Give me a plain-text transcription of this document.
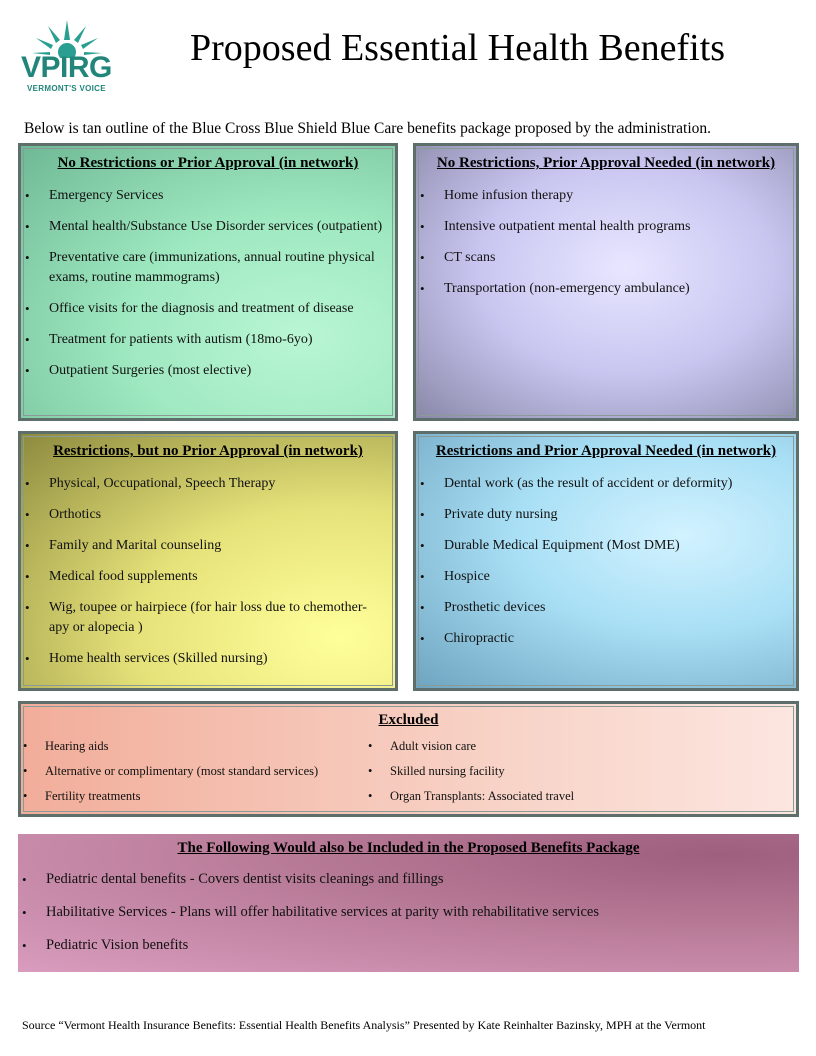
VPIRG
VERMONT'S VOICE
Proposed Essential Health Benefits
Below is tan outline of the Blue Cross Blue Shield Blue Care benefits package proposed by the administration.
No Restrictions or Prior Approval (in network)
• Emergency Services
• Mental health/Substance Use Disorder services (outpatient)
• Preventative care (immunizations, annual routine physical exams, routine mammograms)
• Office visits for the diagnosis and treatment of disease
• Treatment for patients with autism (18mo-6yo)
• Outpatient Surgeries (most elective)
No Restrictions, Prior Approval Needed (in network)
• Home infusion therapy
• Intensive outpatient mental health programs
• CT scans
• Transportation (non-emergency ambulance)
Restrictions, but no Prior Approval (in network)
• Physical, Occupational, Speech Therapy
• Orthotics
• Family and Marital counseling
• Medical food supplements
• Wig, toupee or hairpiece (for hair loss due to chemother-apy or alopecia )
• Home health services (Skilled nursing)
Restrictions and Prior Approval Needed (in network)
• Dental work (as the result of accident or deformity)
• Private duty nursing
• Durable Medical Equipment (Most DME)
• Hospice
• Prosthetic devices
• Chiropractic
Excluded
• Hearing aids
• Alternative or complimentary (most standard services)
• Fertility treatments
• Adult vision care
• Skilled nursing facility
• Organ Transplants: Associated travel
The Following Would also be Included in the Proposed Benefits Package
• Pediatric dental benefits - Covers dentist visits cleanings and fillings
• Habilitative Services - Plans will offer habilitative services at parity with rehabilitative services
• Pediatric Vision benefits
Source “Vermont Health Insurance Benefits: Essential Health Benefits Analysis” Presented by Kate Reinhalter Bazinsky, MPH at the Vermont
